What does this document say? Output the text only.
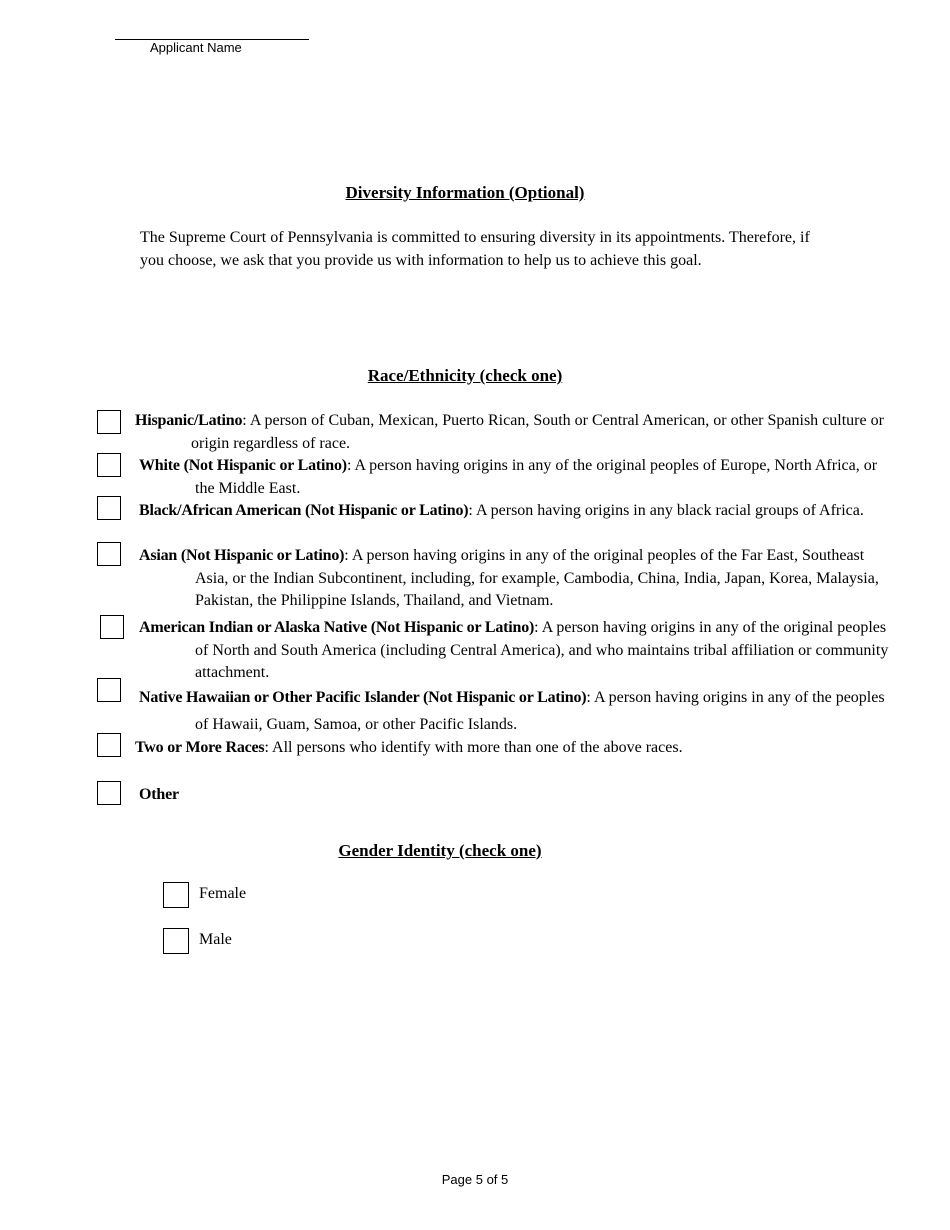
Applicant Name
Diversity Information (Optional)
The Supreme Court of Pennsylvania is committed to ensuring diversity in its appointments. Therefore, if you choose, we ask that you provide us with information to help us to achieve this goal.
Race/Ethnicity (check one)
Hispanic/Latino: A person of Cuban, Mexican, Puerto Rican, South or Central American, or other Spanish culture or origin regardless of race.
White (Not Hispanic or Latino): A person having origins in any of the original peoples of Europe, North Africa, or the Middle East.
Black/African American (Not Hispanic or Latino): A person having origins in any black racial groups of Africa.
Asian (Not Hispanic or Latino): A person having origins in any of the original peoples of the Far East, Southeast Asia, or the Indian Subcontinent, including, for example, Cambodia, China, India, Japan, Korea, Malaysia, Pakistan, the Philippine Islands, Thailand, and Vietnam.
American Indian or Alaska Native (Not Hispanic or Latino): A person having origins in any of the original peoples of North and South America (including Central America), and who maintains tribal affiliation or community attachment.
Native Hawaiian or Other Pacific Islander (Not Hispanic or Latino): A person having origins in any of the peoples of Hawaii, Guam, Samoa, or other Pacific Islands.
Two or More Races: All persons who identify with more than one of the above races.
Other
Gender Identity (check one)
Female
Male
Page 5 of 5
